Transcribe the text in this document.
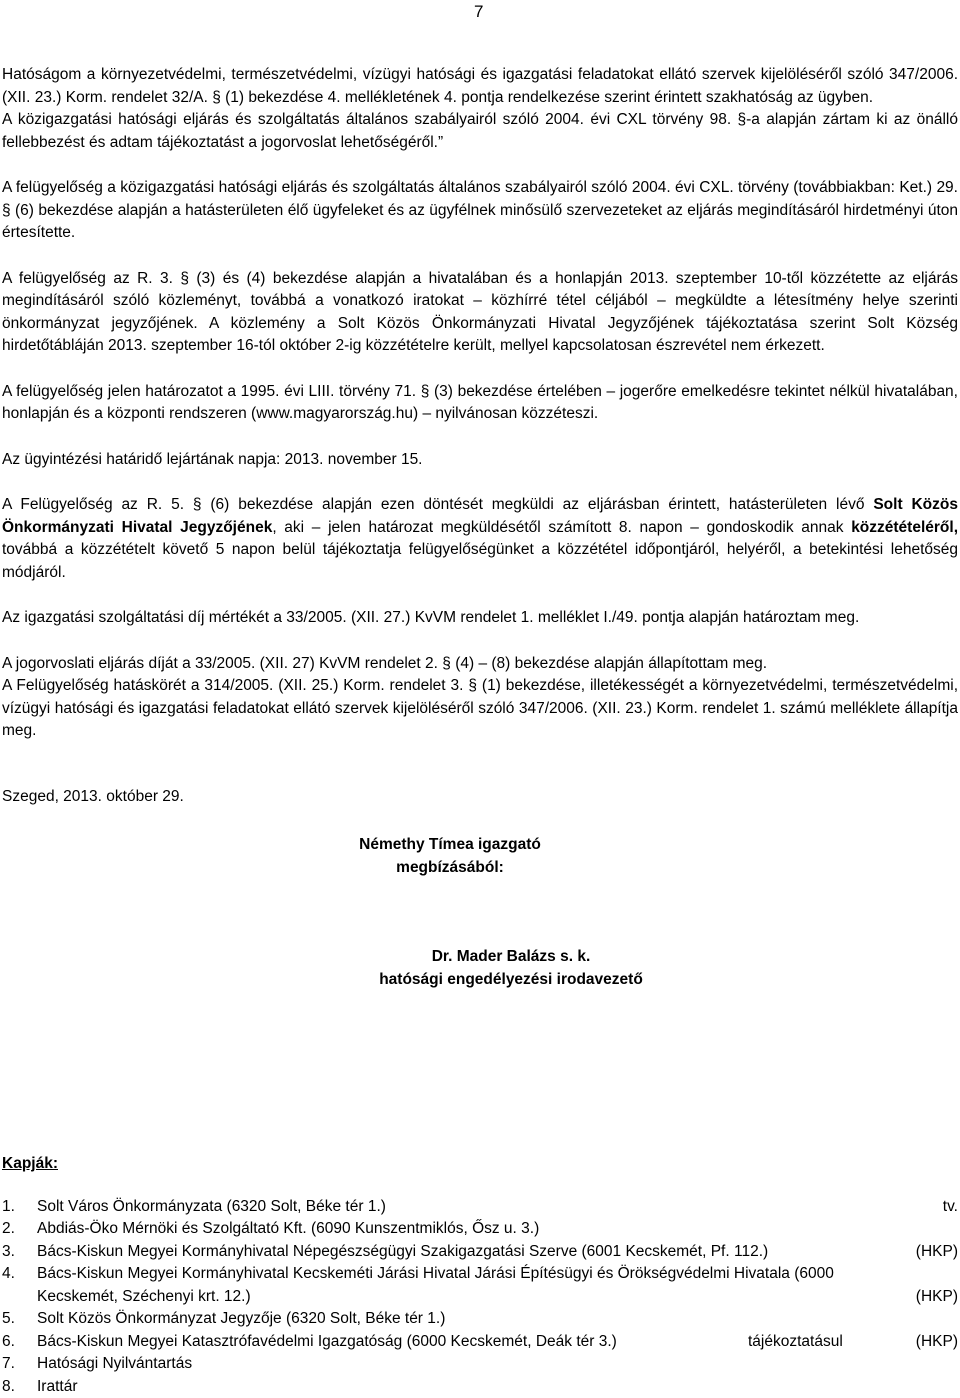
7

Hatóságom a környezetvédelmi, természetvédelmi, vízügyi hatósági és igazgatási feladatokat ellátó szervek kijelöléséről szóló 347/2006. (XII. 23.) Korm. rendelet 32/A. § (1) bekezdése 4. mellékletének 4. pontja rendelkezése szerint érintett szakhatóság az ügyben.

A közigazgatási hatósági eljárás és szolgáltatás általános szabályairól szóló 2004. évi CXL törvény 98. §-a alapján zártam ki az önálló fellebbezést és adtam tájékoztatást a jogorvoslat lehetőségéről.”

A felügyelőség a közigazgatási hatósági eljárás és szolgáltatás általános szabályairól szóló 2004. évi CXL. törvény (továbbiakban: Ket.) 29. § (6) bekezdése alapján a hatásterületen élő ügyfeleket és az ügyfélnek minősülő szervezeteket az eljárás megindításáról hirdetményi úton értesítette.

A felügyelőség az R. 3. § (3) és (4) bekezdése alapján a hivatalában és a honlapján 2013. szeptember 10-től közzétette az eljárás megindításáról szóló közleményt, továbbá a vonatkozó iratokat – közhírré tétel céljából – megküldte a létesítmény helye szerinti önkormányzat jegyzőjének. A közlemény a Solt Közös Önkormányzati Hivatal Jegyzőjének tájékoztatása szerint Solt Község hirdetőtábláján 2013. szeptember 16-tól október 2-ig közzétételre került, mellyel kapcsolatosan észrevétel nem érkezett.

A felügyelőség jelen határozatot a 1995. évi LIII. törvény 71. § (3) bekezdése értelében – jogerőre emelkedésre tekintet nélkül hivatalában, honlapján és a központi rendszeren (www.magyarország.hu) – nyilvánosan közzéteszi.

Az ügyintézési határidő lejártának napja: 2013. november 15.

A Felügyelőség az R. 5. § (6) bekezdése alapján ezen döntését megküldi az eljárásban érintett, hatásterületen lévő Solt Közös Önkormányzati Hivatal Jegyzőjének, aki – jelen határozat megküldésétől számított 8. napon – gondoskodik annak közzétételéről, továbbá a közzétételt követő 5 napon belül tájékoztatja felügyelőségünket a közzététel időpontjáról, helyéről, a betekintési lehetőség módjáról.

Az igazgatási szolgáltatási díj mértékét a 33/2005. (XII. 27.) KvVM rendelet 1. melléklet I./49. pontja alapján határoztam meg.

A jogorvoslati eljárás díját a 33/2005. (XII. 27) KvVM rendelet 2. § (4) – (8) bekezdése alapján állapítottam meg.

A Felügyelőség hatáskörét a 314/2005. (XII. 25.) Korm. rendelet 3. § (1) bekezdése, illetékességét a környezetvédelmi, természetvédelmi, vízügyi hatósági és igazgatási feladatokat ellátó szervek kijelöléséről szóló 347/2006. (XII. 23.) Korm. rendelet 1. számú melléklete állapítja meg.

Szeged, 2013. október 29.

Némethy Tímea igazgató
megbízásából:
Dr. Mader Balázs s. k.
hatósági engedélyezési irodavezető
Kapják:
1.	Solt Város Önkormányzata (6320 Solt, Béke tér 1.)	tv.
2.	Abdiás-Öko Mérnöki és Szolgáltató Kft. (6090 Kunszentmiklós, Ősz u. 3.)
3.	Bács-Kiskun Megyei Kormányhivatal Népegészségügyi Szakigazgatási Szerve (6001 Kecskemét, Pf. 112.)	(HKP)
4.	Bács-Kiskun Megyei Kormányhivatal Kecskeméti Járási Hivatal Járási Építésügyi és Örökségvédelmi Hivatala (6000
Kecskemét, Széchenyi krt. 12.)	(HKP)
5.	Solt Közös Önkormányzat Jegyzője (6320 Solt, Béke tér 1.)
6.	Bács-Kiskun Megyei Katasztrófavédelmi Igazgatóság (6000 Kecskemét, Deák tér 3.)	tájékoztatásul	(HKP)
7.	Hatósági Nyilvántartás
8.	Irattár
